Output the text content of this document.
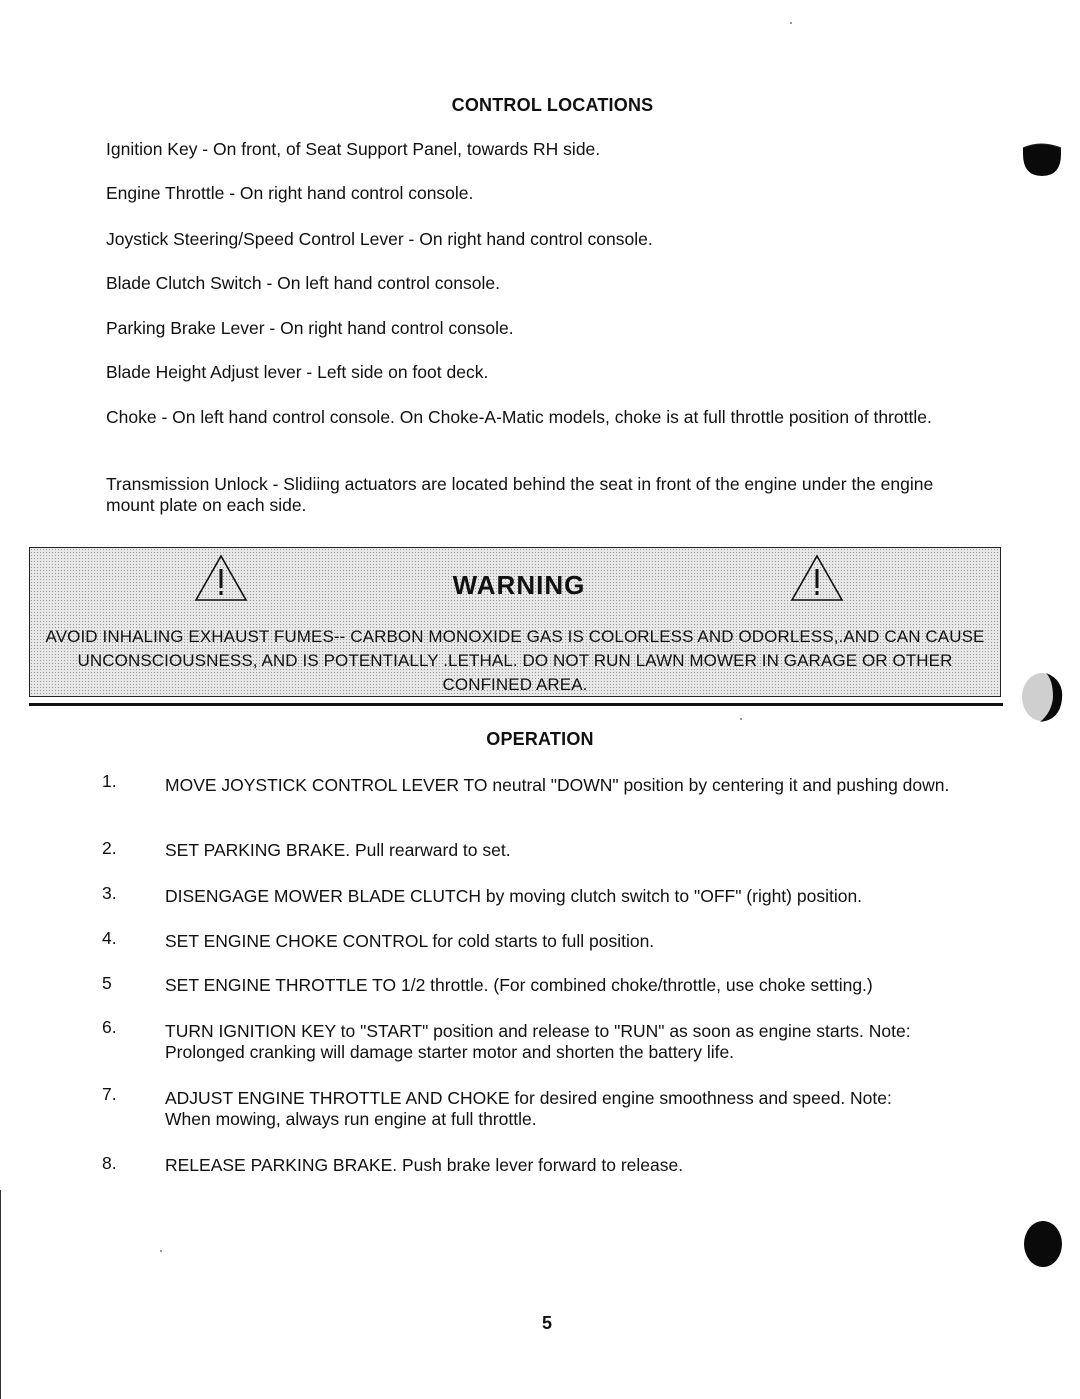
CONTROL LOCATIONS

Ignition Key - On front, of Seat Support Panel, towards RH side.

Engine Throttle - On right hand control console.

Joystick Steering/Speed Control Lever - On right hand control console.

Blade Clutch Switch - On left hand control console.

Parking Brake Lever - On right hand control console.

Blade Height Adjust lever - Left side on foot deck.

Choke - On left hand control console. On Choke-A-Matic models, choke is at full throttle position of throttle.

Transmission Unlock - Slidiing actuators are located behind the seat in front of the engine under the engine mount plate on each side.

WARNING
AVOID INHALING EXHAUST FUMES-- CARBON MONOXIDE GAS IS COLORLESS AND ODORLESS,.AND CAN CAUSE UNCONSCIOUSNESS, AND IS POTENTIALLY .LETHAL. DO NOT RUN LAWN MOWER IN GARAGE OR OTHER CONFINED AREA.
OPERATION
1.	MOVE JOYSTICK CONTROL LEVER TO neutral "DOWN" position by centering it and pushing down.
2.	SET PARKING BRAKE. Pull rearward to set.
3.	DISENGAGE MOWER BLADE CLUTCH by moving clutch switch to "OFF" (right) position.
4.	SET ENGINE CHOKE CONTROL for cold starts to full position.
5	SET ENGINE THROTTLE TO 1/2 throttle. (For combined choke/throttle, use choke setting.)
6.	TURN IGNITION KEY to "START" position and release to "RUN" as soon as engine starts. Note: Prolonged cranking will damage starter motor and shorten the battery life.
7.	ADJUST ENGINE THROTTLE AND CHOKE for desired engine smoothness and speed. Note: When mowing, always run engine at full throttle.
8.	RELEASE PARKING BRAKE. Push brake lever forward to release.
5
